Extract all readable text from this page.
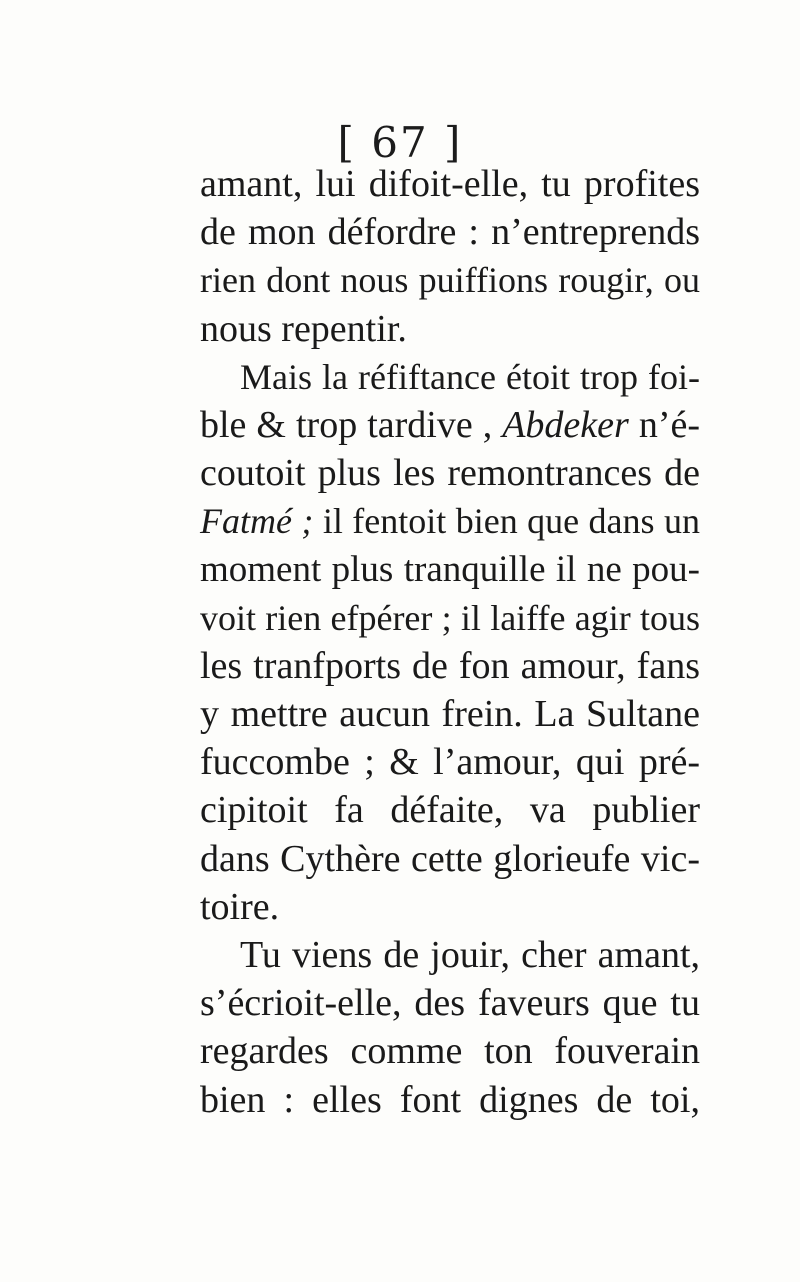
[ 67 ]
amant, lui difoit-elle, tu profites
de mon défordre : n’entreprends
rien dont nous puiffions rougir, ou
nous repentir.
Mais la réfiftance étoit trop foi-
ble & trop tardive , Abdeker n’é-
coutoit plus les remontrances de
Fatmé ; il fentoit bien que dans un
moment plus tranquille il ne pou-
voit rien efpérer ; il laiffe agir tous
les tranfports de fon amour, fans
y mettre aucun frein. La Sultane
fuccombe ; & l’amour, qui pré-
cipitoit fa défaite, va publier
dans Cythère cette glorieufe vic-
toire.
Tu viens de jouir, cher amant,
s’écrioit-elle, des faveurs que tu
regardes comme ton fouverain
bien : elles font dignes de toi,
